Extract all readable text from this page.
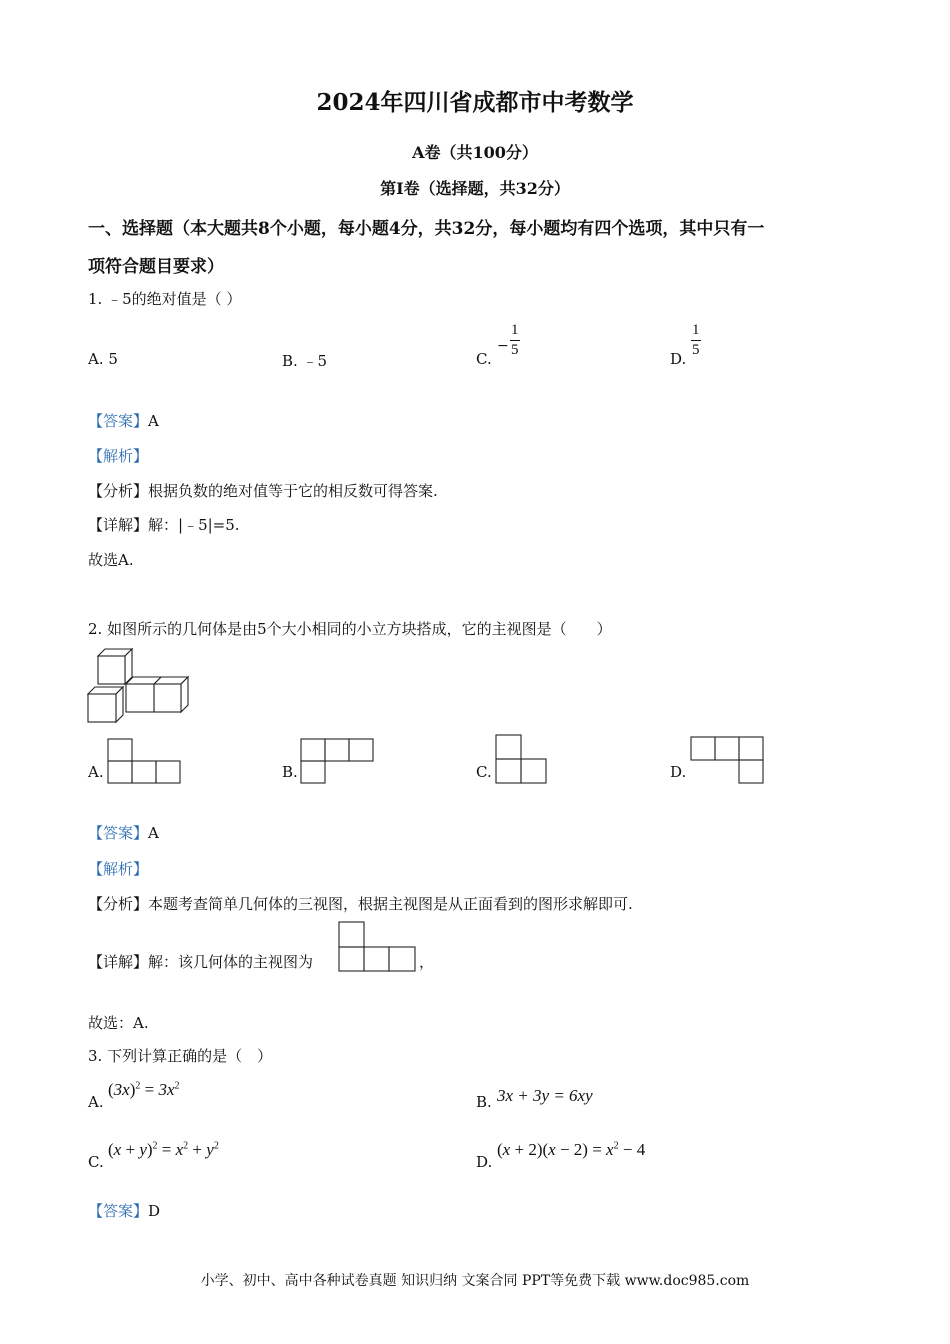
2024年四川省成都市中考数学
A卷（共100分）
第I卷（选择题，共32分）
一、选择题（本大题共8个小题，每小题4分，共32分，每小题均有四个选项，其中只有一
项符合题目要求）
1. ﹣5的绝对值是（ ）
A. 5	B. ﹣5	C.
−
1
5	D.
1
5
【答案】A
【解析】
【分析】根据负数的绝对值等于它的相反数可得答案.
【详解】解：|﹣5|=5.
故选A.
2. 如图所示的几何体是由5个大小相同的小立方块搭成，它的主视图是（　　）
A.	B.	C.	D.
【答案】A
【解析】
【分析】本题考查简单几何体的三视图，根据主视图是从正面看到的图形求解即可.
【详解】解：该几何体的主视图为	，
故选：A.
3. 下列计算正确的是（　）
A.
$(3x)^2 = 3x^2$
B. 3x + 3y = 6xy
C.
$(x + y)^2 = x^2 + y^2$
D.
$(x + 2)(x - 2) = x^2 - 4$
【答案】D
小学、初中、高中各种试卷真题 知识归纳 文案合同 PPT等免费下载 www.doc985.com
